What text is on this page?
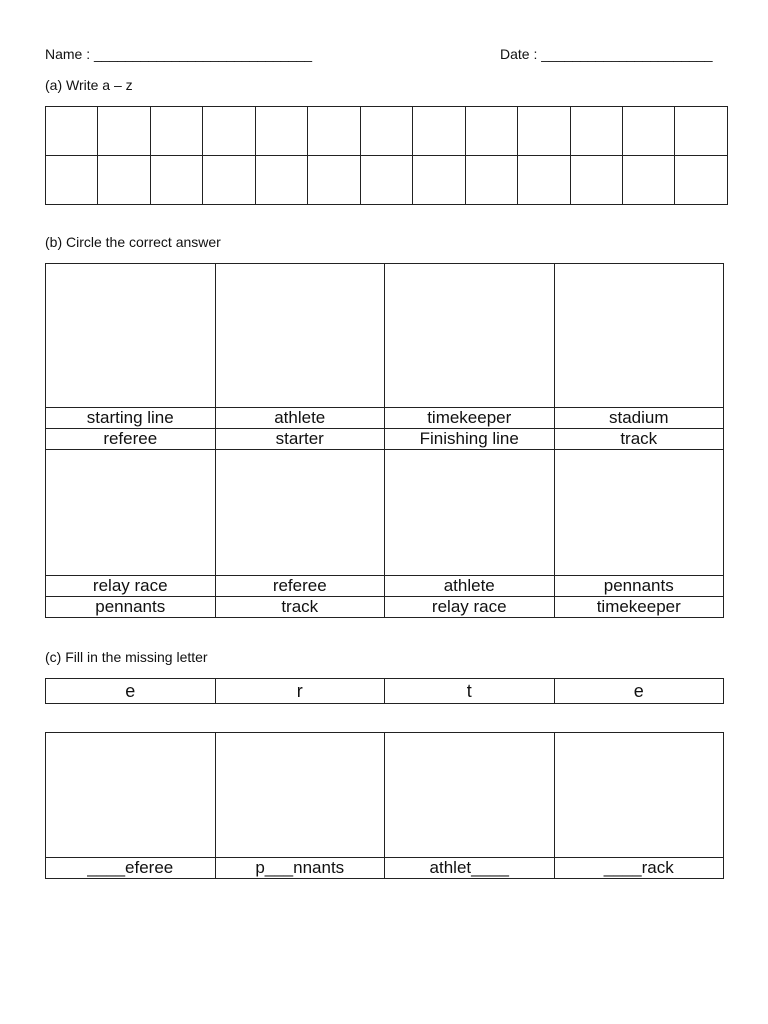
Name : ____________________________	Date : ______________________
(a) Write a – z

(b) Circle the correct answer

starting line	athlete	timekeeper	stadium
referee	starter	Finishing line	track

relay race	referee	athlete	pennants
pennants	track	relay race	timekeeper
(c) Fill in the missing letter
e	r	t	e

____eferee	p___nnants	athlet____	____rack
